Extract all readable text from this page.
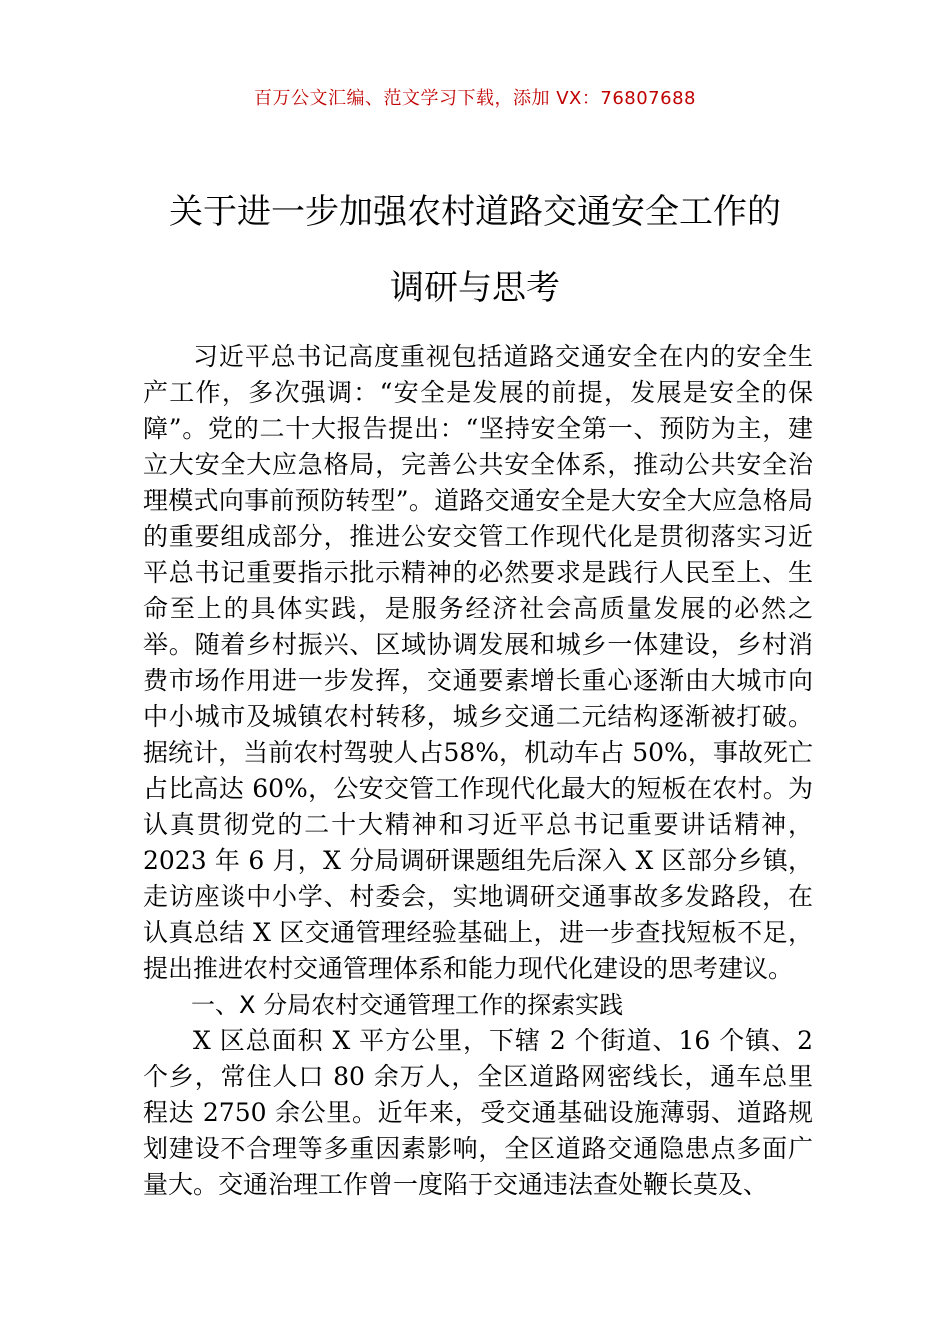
百万公文汇编、范文学习下载，添加 VX：76807688
关于进一步加强农村道路交通安全工作的
调研与思考

习近平总书记高度重视包括道路交通安全在内的安全生产工作，多次强调：“安全是发展的前提，发展是安全的保障”。党的二十大报告提出：“坚持安全第一、预防为主，建立大安全大应急格局，完善公共安全体系，推动公共安全治理模式向事前预防转型”。道路交通安全是大安全大应急格局的重要组成部分，推进公安交管工作现代化是贯彻落实习近平总书记重要指示批示精神的必然要求是践行人民至上、生命至上的具体实践，是服务经济社会高质量发展的必然之举。随着乡村振兴、区域协调发展和城乡一体建设，乡村消费市场作用进一步发挥，交通要素增长重心逐渐由大城市向中小城市及城镇农村转移，城乡交通二元结构逐渐被打破。据统计，当前农村驾驶人占58%，机动车占 50%，事故死亡占比高达 60%，公安交管工作现代化最大的短板在农村。为认真贯彻党的二十大精神和习近平总书记重要讲话精神，2023 年 6 月，X 分局调研课题组先后深入 X 区部分乡镇，走访座谈中小学、村委会，实地调研交通事故多发路段，在认真总结 X 区交通管理经验基础上，进一步查找短板不足，提出推进农村交通管理体系和能力现代化建设的思考建议。

一、X 分局农村交通管理工作的探索实践

X 区总面积 X 平方公里，下辖 2 个街道、16 个镇、2 个乡，常住人口 80 余万人，全区道路网密线长，通车总里程达 2750 余公里。近年来，受交通基础设施薄弱、道路规划建设不合理等多重因素影响，全区道路交通隐患点多面广量大。交通治理工作曾一度陷于交通违法查处鞭长莫及、
